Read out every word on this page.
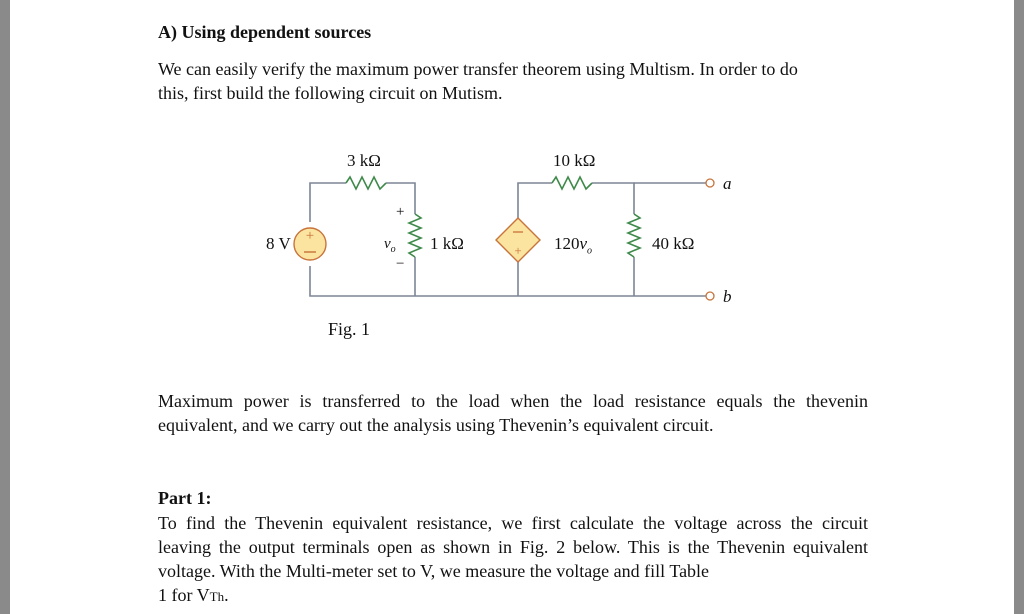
A) Using dependent sources
We can easily verify the maximum power transfer theorem using Multism. In order to do
this, first build the following circuit on Mutism.
+
+
3 kΩ
8 V
+
$v_o$
−
1 kΩ
10 kΩ
$120v_o$	40 kΩ
a
b
Fig. 1
Maximum power is transferred to the load when the load resistance equals the thevenin
equivalent, and we carry out the analysis using Thevenin’s equivalent circuit.
Part 1:
To find the Thevenin equivalent resistance, we first calculate the voltage across the circuit
leaving the output terminals open as shown in Fig. 2 below. This is the Thevenin equivalent
voltage. With the Multi-meter set to V, we measure the voltage and fill Table
1 for VTh.
